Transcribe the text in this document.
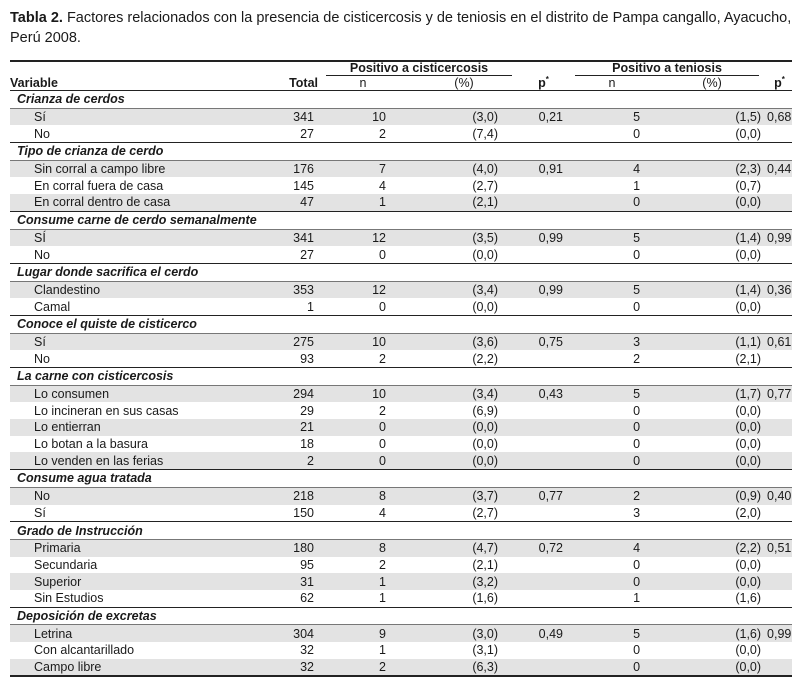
Tabla 2. Factores relacionados con la presencia de cisticercosis y de teniosis en el distrito de Pampa cangallo, Ayacucho, Perú 2008.
Variable	Total	Positivo a cisticercosis		p*	Positivo a teniosis		p*
		n	(%)		n	(%)	
Crianza de cerdos							
Sí	341	10	(3,0)	0,21	5	(1,5)	0,68
No	27	2	(7,4)		0	(0,0)	
Tipo de crianza de cerdo							
Sin corral a campo libre	176	7	(4,0)	0,91	4	(2,3)	0,44
En corral fuera de casa	145	4	(2,7)		1	(0,7)	
En corral dentro de casa	47	1	(2,1)		0	(0,0)	
Consume carne de cerdo semanalmente							
SÍ	341	12	(3,5)	0,99	5	(1,4)	0,99
No	27	0	(0,0)		0	(0,0)	
Lugar donde sacrifica el cerdo							
Clandestino	353	12	(3,4)	0,99	5	(1,4)	0,36
Camal	1	0	(0,0)		0	(0,0)	
Conoce el quiste de cisticerco							
Sí	275	10	(3,6)	0,75	3	(1,1)	0,61
No	93	2	(2,2)		2	(2,1)	
La carne con cisticercosis							
Lo consumen	294	10	(3,4)	0,43	5	(1,7)	0,77
Lo incineran en sus casas	29	2	(6,9)		0	(0,0)	
Lo entierran	21	0	(0,0)		0	(0,0)	
Lo botan a la basura	18	0	(0,0)		0	(0,0)	
Lo venden en las ferias	2	0	(0,0)		0	(0,0)	
Consume agua tratada							
No	218	8	(3,7)	0,77	2	(0,9)	0,40
Sí	150	4	(2,7)		3	(2,0)	
Grado de Instrucción							
Primaria	180	8	(4,7)	0,72	4	(2,2)	0,51
Secundaria	95	2	(2,1)		0	(0,0)	
Superior	31	1	(3,2)		0	(0,0)	
Sin Estudios	62	1	(1,6)		1	(1,6)	
Deposición de excretas							
Letrina	304	9	(3,0)	0,49	5	(1,6)	0,99
Con alcantarillado	32	1	(3,1)		0	(0,0)	
Campo libre	32	2	(6,3)		0	(0,0)	
